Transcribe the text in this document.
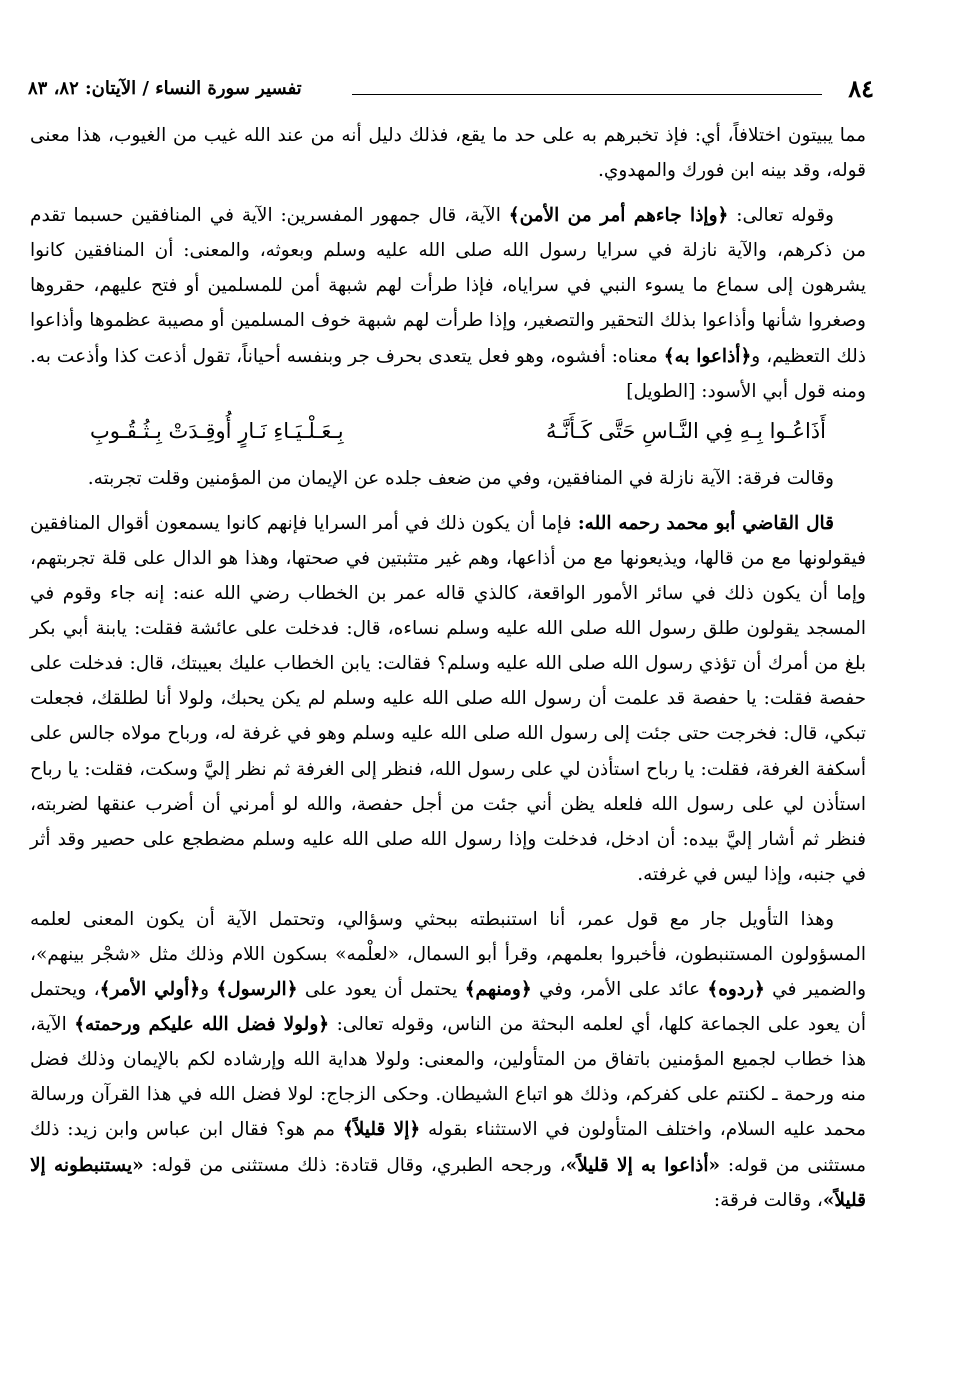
٨٤
تفسير سورة النساء / الآيتان: ٨٢، ٨٣

مما يبيتون اختلافاً، أي: فإذ تخبرهم به على حد ما يقع، فذلك دليل أنه من عند الله غيب من الغيوب، هذا معنى قوله، وقد بينه ابن فورك والمهدوي.

وقوله تعالى: ﴿وإذا جاءهم أمر من الأمن﴾ الآية، قال جمهور المفسرين: الآية في المنافقين حسبما تقدم من ذكرهم، والآية نازلة في سرايا رسول الله صلى الله عليه وسلم وبعوثه، والمعنى: أن المنافقين كانوا يشرهون إلى سماع ما يسوء النبي في سراياه، فإذا طرأت لهم شبهة أمن للمسلمين أو فتح عليهم، حقروها وصغروا شأنها وأذاعوا بذلك التحقير والتصغير، وإذا طرأت لهم شبهة خوف المسلمين أو مصيبة عظموها وأذاعوا ذلك التعظيم، و﴿أذاعوا به﴾ معناه: أفشوه، وهو فعل يتعدى بحرف جر وبنفسه أحياناً، تقول أذعت كذا وأذعت به. ومنه قول أبي الأسود: [الطويل]

أَذَاعُـوا بِـهِ فِي النَّـاسِ حَتَّى كَـأَنَّـهُ
بِـعَـلْـيَـاءِ نَـارٍ أُوقِـدَتْ بِـثُـقُـوبِ

وقالت فرقة: الآية نازلة في المنافقين، وفي من ضعف جلده عن الإيمان من المؤمنين وقلت تجربته.

قال القاضي أبو محمد رحمه الله: فإما أن يكون ذلك في أمر السرايا فإنهم كانوا يسمعون أقوال المنافقين فيقولونها مع من قالها، ويذيعونها مع من أذاعها، وهم غير متثبتين في صحتها، وهذا هو الدال على قلة تجربتهم، وإما أن يكون ذلك في سائر الأمور الواقعة، كالذي قاله عمر بن الخطاب رضي الله عنه: إنه جاء وقوم في المسجد يقولون طلق رسول الله صلى الله عليه وسلم نساءه، قال: فدخلت على عائشة فقلت: يابنة أبي بكر بلغ من أمرك أن تؤذي رسول الله صلى الله عليه وسلم؟ فقالت: يابن الخطاب عليك بعيبتك، قال: فدخلت على حفصة فقلت: يا حفصة قد علمت أن رسول الله صلى الله عليه وسلم لم يكن يحبك، ولولا أنا لطلقك، فجعلت تبكي، قال: فخرجت حتى جئت إلى رسول الله صلى الله عليه وسلم وهو في غرفة له، ورباح مولاه جالس على أسكفة الغرفة، فقلت: يا رباح استأذن لي على رسول الله، فنظر إلى الغرفة ثم نظر إليَّ وسكت، فقلت: يا رباح استأذن لي على رسول الله فلعله يظن أني جئت من أجل حفصة، والله لو أمرني أن أضرب عنقها لضربته، فنظر ثم أشار إليَّ بيده: أن ادخل، فدخلت وإذا رسول الله صلى الله عليه وسلم مضطجع على حصير وقد أثر في جنبه، وإذا ليس في غرفته.

وهذا التأويل جار مع قول عمر، أنا استنبطته ببحثي وسؤالي، وتحتمل الآية أن يكون المعنى لعلمه المسؤولون المستنبطون، فأخبروا بعلمهم، وقرأ أبو السمال، «لعلْمه» بسكون اللام وذلك مثل «شجْر بينهم»، والضمير في ﴿ردوه﴾ عائد على الأمر، وفي ﴿ومنهم﴾ يحتمل أن يعود على ﴿الرسول﴾ و﴿أولي الأمر﴾، ويحتمل أن يعود على الجماعة كلها، أي لعلمه البحثة من الناس، وقوله تعالى: ﴿ولولا فضل الله عليكم ورحمته﴾ الآية، هذا خطاب لجميع المؤمنين باتفاق من المتأولين، والمعنى: ولولا هداية الله وإرشاده لكم بالإيمان وذلك فضل منه ورحمة ـ لكنتم على كفركم، وذلك هو اتباع الشيطان. وحكى الزجاج: لولا فضل الله في هذا القرآن ورسالة محمد عليه السلام، واختلف المتأولون في الاستثناء بقوله ﴿إلا قليلاً﴾ مم هو؟ فقال ابن عباس وابن زيد: ذلك مستثنى من قوله: «أذاعوا به إلا قليلاً»، ورجحه الطبري، وقال قتادة: ذلك مستثنى من قوله: «يستنبطونه إلا قليلاً»، وقالت فرقة:
